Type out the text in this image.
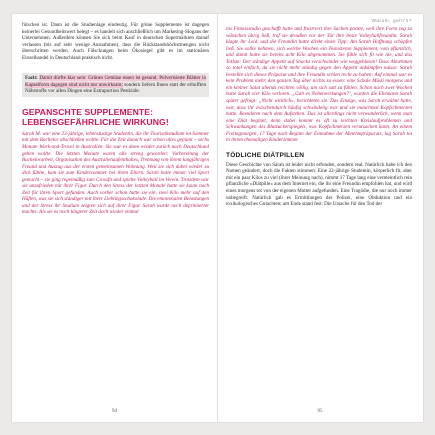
fütschen ist. Dann ist die Studienlage eindeutig. Für grüne Supplemente ist dagegen keinerlei Gesundheitswert belegt – es handelt sich anschließlich um Marketing-Slogans der Unternehmen. Außerdem können Sie sich beim Kauf in deutschen Supermärkten darauf verlassen (bis auf sehr wenige Ausnahmen), dass die Rückstandshöchstmengen nicht überschritten werden. Auch Fälschungen beim Ökosiegel gibt es im stationären Einzelhandel in Deutschland praktisch nicht.

Fazit: Damit dürfte klar sein: Grünes Gemüse essen ist gesund. Pulverisierte Blätter in Kapselform dagegen sind nicht nur unwirksam; sondern liefern Ihnen statt der erhofften Nährstoffe vor allen Dingen eine Extraportion Pestizide.
GEPANSCHTE SUPPLEMENTE: LEBENSGEFÄHRLICHE WIRKUNG!

Sarah M. war eine 23-jährige, lebenslustige Studentin, die ihr Touristikstudium im Sommer mit dem Bachelor abschließen wollte. Für die Zeit danach war schon alles geplant – sechs Monate Work-and-Travel in Australien. Sie war es dann wieder zurück nach Deutschland gehen wollte. Die letzten Monate waren alle streng geworden: Vorbereitung der Bachelorarbeit, Organisation des Australienaufenthaltes, Trennung von ihrem langjährigen Freund und Auszug aus der ersten gemeinsamen Wohnung. Weil sie sich dabei wieder zu dick fühlte, kam sie zum Kindersommer bei ihren Eltern. Sarah hatte immer viel Sport gemacht – sie ging regelmäßig zum Crossfit und spielte Volleyball im Verein. Trotzdem war sie unzufrieden mit ihrer Figur. Durch den Stress der letzten Monate hatte sie kaum noch Zeit für ihren Sport gefunden. Auch vorher schon hatte sie ein, zwei Kilo mehr auf den Hüften, was sie sich ständiger mit ihrer Lieblingsschokolade. Die emotionalen Belastungen und der Stress ihr Studium zeigten sich auf ihrer Figur. Sarah wurde noch deprimierter machte. Als sie es noch längerer Zeit doch wieder einmal

94
Warum, gehtʼs?

ins Fitnessstudio geschafft hatte und frustriert ihre Sachen packte, weil ihre Form zog zu wünschen übrig ließ, traf sie draußen vor der Tür ihre beste Volleyballfreundin. Sarah klagte ihr Leid, und die Freundin hatte direkt einen Tipp: Am Sarah Hoffnung schöpfen ließ. Sie sollte nehmen, sich welche Wochen ein Testosteron Supplement, vom pflanzlich, und damit hatte sie bereits acht Kilo abgenommen. Sie fühle sich fit wie nie, und das Tollste: Der ständige Appetit auf Snacks verschwindet wie weggeblasen! Dass Abnehmen so total einfach, da sie nicht mehr ständig gegen den Appetit ankämpfen müsse. Sarah bestellte sich dieses Präparat und ihre Freundin schien recht zu haben: Auf einmal war es kein Problem mehr, den ganzen Tag über nichts zu essen: eine Schale Müsli morgens und ein kleiner Salat abends reichten völlig, um sich satt zu fühlen. Schon nach zwei Wochen hatte Sarah vier Kilo verloren. „Gab es Nebenwirkungen?", wurden die Ehemann Sarah später gefragt: „Nicht wirklich«, berichteten sie. Das Einzige, was Sarah erwähnt hatte, war, dass ihr zwischendurch häufig schwindelig war und sie manchmal Kopfschmerzen hatte. Beendeten nach dem Aufstehen. Das ist allerdings nicht verwunderlich, wenn man eine Diät beginnt, denn dabei kommt es oft zu leichten Kreislaufproblemen und Schwankungen des Blutzuckerspiegels, was Kopfschmerzen verursachen kann. An einem Freitagmorgen, 17 Tage nach Beginn der Einnahme der Abnehmpräparats, lag Sarah tot in ihrem ehemaligen Kinderzimmer.

TÖDLICHE DIÄTPILLEN

Diese Geschichte von Sarah ist leider nicht erfunden, sondern real. Natürlich habe ich den Namen geändert, doch die Fakten stimmen: Eine 22-jährige Studentin, körperlich fit, aber mit ein paar Kilos zu viel (ihrer Meinung nach), nimmt 17 Tage lang eine vermeintlich rein pflanzliche »Diätpille« aus dem Internet ein, die ihr eine Freundin empfohlen hat, und wird eines morgens tot von der eigenen Mutter aufgefunden. Eine Tragödie, die nur noch immer unbegreift. Natürlich gab es Ermittlungen der Polizei, eine Obduktion und ein toxikologisches Gutachten; am Ende stand fest: Die Ursache für den Tod der

95
